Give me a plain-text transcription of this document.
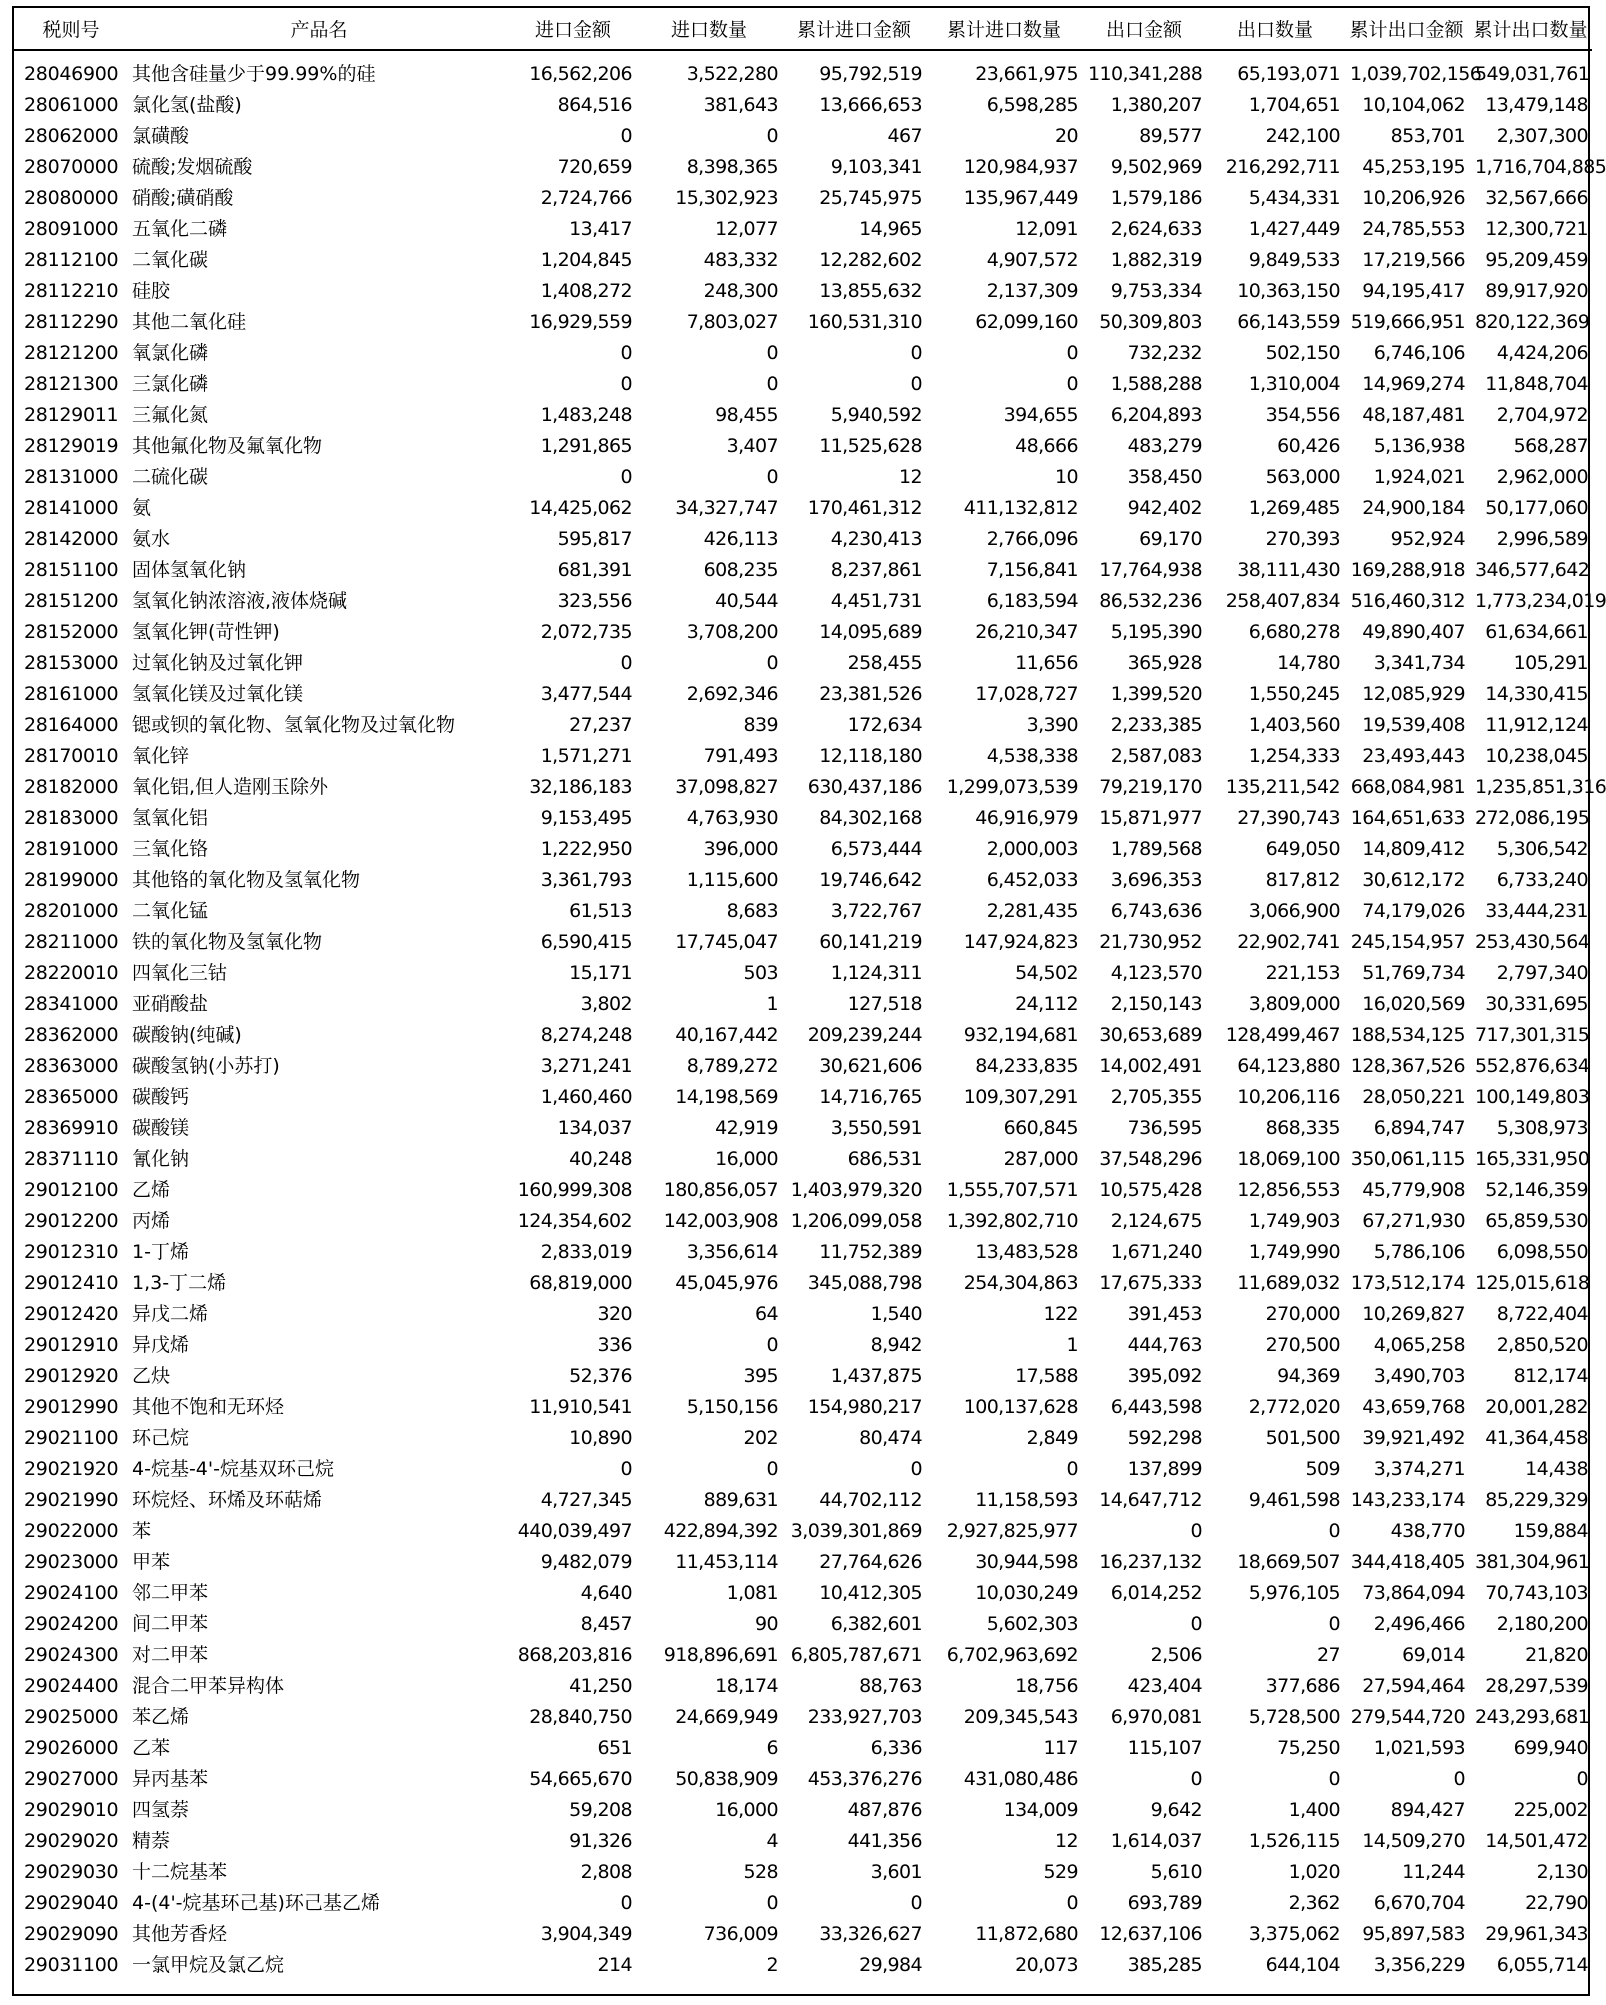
税则号	产品名	进口金额	进口数量	累计进口金额	累计进口数量	出口金额	出口数量	累计出口金额	累计出口数量
28046900	其他含硅量少于99.99%的硅	16,562,206	3,522,280	95,792,519	23,661,975	110,341,288	65,193,071	1,039,702,156	549,031,761
28061000	氯化氢(盐酸)	864,516	381,643	13,666,653	6,598,285	1,380,207	1,704,651	10,104,062	13,479,148
28062000	氯磺酸	0	0	467	20	89,577	242,100	853,701	2,307,300
28070000	硫酸;发烟硫酸	720,659	8,398,365	9,103,341	120,984,937	9,502,969	216,292,711	45,253,195	1,716,704,885
28080000	硝酸;磺硝酸	2,724,766	15,302,923	25,745,975	135,967,449	1,579,186	5,434,331	10,206,926	32,567,666
28091000	五氧化二磷	13,417	12,077	14,965	12,091	2,624,633	1,427,449	24,785,553	12,300,721
28112100	二氧化碳	1,204,845	483,332	12,282,602	4,907,572	1,882,319	9,849,533	17,219,566	95,209,459
28112210	硅胶	1,408,272	248,300	13,855,632	2,137,309	9,753,334	10,363,150	94,195,417	89,917,920
28112290	其他二氧化硅	16,929,559	7,803,027	160,531,310	62,099,160	50,309,803	66,143,559	519,666,951	820,122,369
28121200	氧氯化磷	0	0	0	0	732,232	502,150	6,746,106	4,424,206
28121300	三氯化磷	0	0	0	0	1,588,288	1,310,004	14,969,274	11,848,704
28129011	三氟化氮	1,483,248	98,455	5,940,592	394,655	6,204,893	354,556	48,187,481	2,704,972
28129019	其他氟化物及氟氧化物	1,291,865	3,407	11,525,628	48,666	483,279	60,426	5,136,938	568,287
28131000	二硫化碳	0	0	12	10	358,450	563,000	1,924,021	2,962,000
28141000	氨	14,425,062	34,327,747	170,461,312	411,132,812	942,402	1,269,485	24,900,184	50,177,060
28142000	氨水	595,817	426,113	4,230,413	2,766,096	69,170	270,393	952,924	2,996,589
28151100	固体氢氧化钠	681,391	608,235	8,237,861	7,156,841	17,764,938	38,111,430	169,288,918	346,577,642
28151200	氢氧化钠浓溶液,液体烧碱	323,556	40,544	4,451,731	6,183,594	86,532,236	258,407,834	516,460,312	1,773,234,019
28152000	氢氧化钾(苛性钾)	2,072,735	3,708,200	14,095,689	26,210,347	5,195,390	6,680,278	49,890,407	61,634,661
28153000	过氧化钠及过氧化钾	0	0	258,455	11,656	365,928	14,780	3,341,734	105,291
28161000	氢氧化镁及过氧化镁	3,477,544	2,692,346	23,381,526	17,028,727	1,399,520	1,550,245	12,085,929	14,330,415
28164000	锶或钡的氧化物、氢氧化物及过氧化物	27,237	839	172,634	3,390	2,233,385	1,403,560	19,539,408	11,912,124
28170010	氧化锌	1,571,271	791,493	12,118,180	4,538,338	2,587,083	1,254,333	23,493,443	10,238,045
28182000	氧化铝,但人造刚玉除外	32,186,183	37,098,827	630,437,186	1,299,073,539	79,219,170	135,211,542	668,084,981	1,235,851,316
28183000	氢氧化铝	9,153,495	4,763,930	84,302,168	46,916,979	15,871,977	27,390,743	164,651,633	272,086,195
28191000	三氧化铬	1,222,950	396,000	6,573,444	2,000,003	1,789,568	649,050	14,809,412	5,306,542
28199000	其他铬的氧化物及氢氧化物	3,361,793	1,115,600	19,746,642	6,452,033	3,696,353	817,812	30,612,172	6,733,240
28201000	二氧化锰	61,513	8,683	3,722,767	2,281,435	6,743,636	3,066,900	74,179,026	33,444,231
28211000	铁的氧化物及氢氧化物	6,590,415	17,745,047	60,141,219	147,924,823	21,730,952	22,902,741	245,154,957	253,430,564
28220010	四氧化三钴	15,171	503	1,124,311	54,502	4,123,570	221,153	51,769,734	2,797,340
28341000	亚硝酸盐	3,802	1	127,518	24,112	2,150,143	3,809,000	16,020,569	30,331,695
28362000	碳酸钠(纯碱)	8,274,248	40,167,442	209,239,244	932,194,681	30,653,689	128,499,467	188,534,125	717,301,315
28363000	碳酸氢钠(小苏打)	3,271,241	8,789,272	30,621,606	84,233,835	14,002,491	64,123,880	128,367,526	552,876,634
28365000	碳酸钙	1,460,460	14,198,569	14,716,765	109,307,291	2,705,355	10,206,116	28,050,221	100,149,803
28369910	碳酸镁	134,037	42,919	3,550,591	660,845	736,595	868,335	6,894,747	5,308,973
28371110	氰化钠	40,248	16,000	686,531	287,000	37,548,296	18,069,100	350,061,115	165,331,950
29012100	乙烯	160,999,308	180,856,057	1,403,979,320	1,555,707,571	10,575,428	12,856,553	45,779,908	52,146,359
29012200	丙烯	124,354,602	142,003,908	1,206,099,058	1,392,802,710	2,124,675	1,749,903	67,271,930	65,859,530
29012310	1-丁烯	2,833,019	3,356,614	11,752,389	13,483,528	1,671,240	1,749,990	5,786,106	6,098,550
29012410	1,3-丁二烯	68,819,000	45,045,976	345,088,798	254,304,863	17,675,333	11,689,032	173,512,174	125,015,618
29012420	异戊二烯	320	64	1,540	122	391,453	270,000	10,269,827	8,722,404
29012910	异戊烯	336	0	8,942	1	444,763	270,500	4,065,258	2,850,520
29012920	乙炔	52,376	395	1,437,875	17,588	395,092	94,369	3,490,703	812,174
29012990	其他不饱和无环烃	11,910,541	5,150,156	154,980,217	100,137,628	6,443,598	2,772,020	43,659,768	20,001,282
29021100	环己烷	10,890	202	80,474	2,849	592,298	501,500	39,921,492	41,364,458
29021920	4-烷基-4'-烷基双环己烷	0	0	0	0	137,899	509	3,374,271	14,438
29021990	环烷烃、环烯及环萜烯	4,727,345	889,631	44,702,112	11,158,593	14,647,712	9,461,598	143,233,174	85,229,329
29022000	苯	440,039,497	422,894,392	3,039,301,869	2,927,825,977	0	0	438,770	159,884
29023000	甲苯	9,482,079	11,453,114	27,764,626	30,944,598	16,237,132	18,669,507	344,418,405	381,304,961
29024100	邻二甲苯	4,640	1,081	10,412,305	10,030,249	6,014,252	5,976,105	73,864,094	70,743,103
29024200	间二甲苯	8,457	90	6,382,601	5,602,303	0	0	2,496,466	2,180,200
29024300	对二甲苯	868,203,816	918,896,691	6,805,787,671	6,702,963,692	2,506	27	69,014	21,820
29024400	混合二甲苯异构体	41,250	18,174	88,763	18,756	423,404	377,686	27,594,464	28,297,539
29025000	苯乙烯	28,840,750	24,669,949	233,927,703	209,345,543	6,970,081	5,728,500	279,544,720	243,293,681
29026000	乙苯	651	6	6,336	117	115,107	75,250	1,021,593	699,940
29027000	异丙基苯	54,665,670	50,838,909	453,376,276	431,080,486	0	0	0	0
29029010	四氢萘	59,208	16,000	487,876	134,009	9,642	1,400	894,427	225,002
29029020	精萘	91,326	4	441,356	12	1,614,037	1,526,115	14,509,270	14,501,472
29029030	十二烷基苯	2,808	528	3,601	529	5,610	1,020	11,244	2,130
29029040	4-(4'-烷基环己基)环己基乙烯	0	0	0	0	693,789	2,362	6,670,704	22,790
29029090	其他芳香烃	3,904,349	736,009	33,326,627	11,872,680	12,637,106	3,375,062	95,897,583	29,961,343
29031100	一氯甲烷及氯乙烷	214	2	29,984	20,073	385,285	644,104	3,356,229	6,055,714
